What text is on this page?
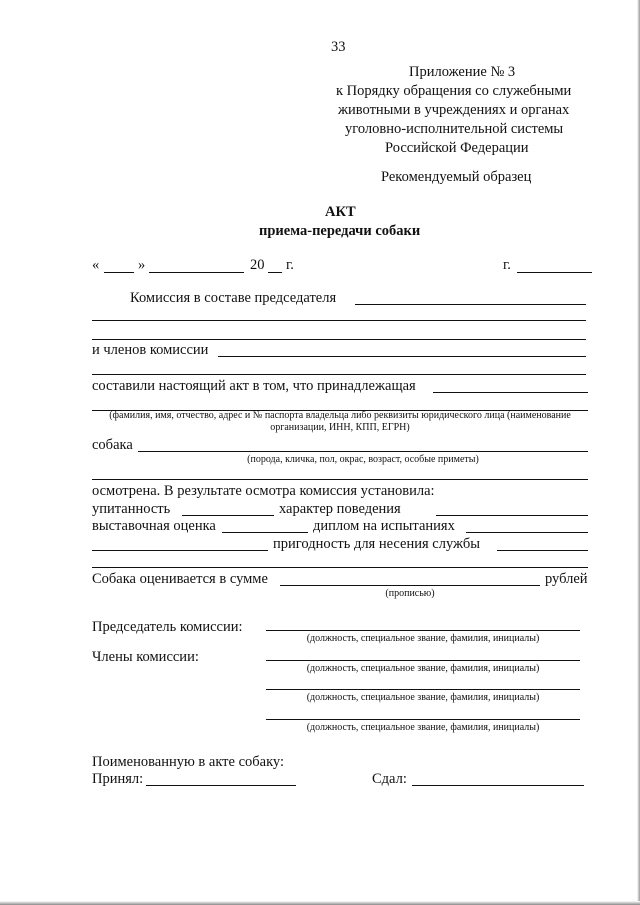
33
Приложение № 3
к Порядку обращения со служебными
животными в учреждениях и органах
уголовно-исполнительной системы
Российской Федерации
Рекомендуемый образец
АКТ
приема-передачи собаки
«	»	20 г.	г.
Комиссия в составе председателя
и членов комиссии
составили настоящий акт в том, что принадлежащая
(фамилия, имя, отчество, адрес и № паспорта владельца либо реквизиты юридического лица (наименование
организации, ИНН, КПП, ЕГРН)
собака
(порода, кличка, пол, окрас, возраст, особые приметы)
осмотрена. В результате осмотра комиссия установила:
упитанность	характер поведения
выставочная оценка	диплом на испытаниях
пригодность для несения службы
Собака оценивается в сумме	рублей
(прописью)
Председатель комиссии:
(должность, специальное звание, фамилия, инициалы)
Члены комиссии:
(должность, специальное звание, фамилия, инициалы)
(должность, специальное звание, фамилия, инициалы)
(должность, специальное звание, фамилия, инициалы)
Поименованную в акте собаку:
Принял:	Сдал:
